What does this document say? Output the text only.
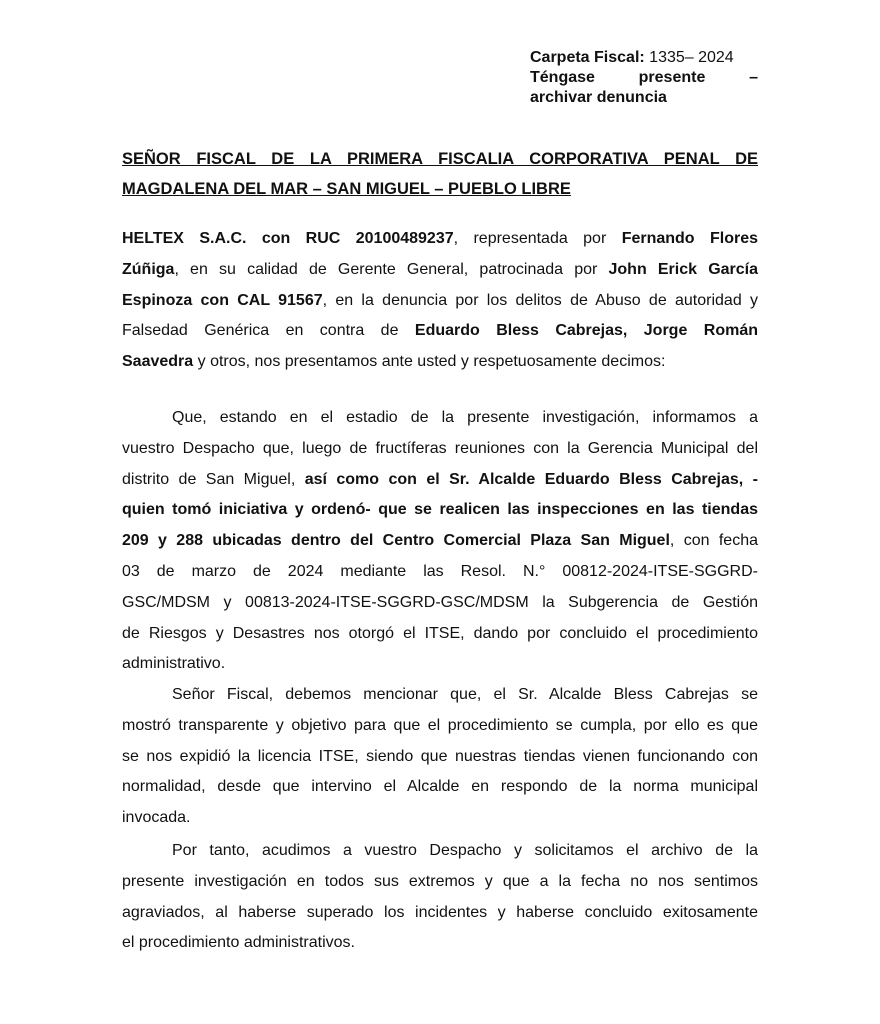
Carpeta Fiscal: 1335– 2024
Téngase	presente	–
archivar denuncia
SEÑOR FISCAL DE LA PRIMERA FISCALIA CORPORATIVA PENAL DE
MAGDALENA DEL MAR – SAN MIGUEL – PUEBLO LIBRE
HELTEX S.A.C. con RUC 20100489237, representada por Fernando Flores
Zúñiga, en su calidad de Gerente General, patrocinada por John Erick García
Espinoza con CAL 91567, en la denuncia por los delitos de Abuso de autoridad y
Falsedad Genérica en contra de Eduardo Bless Cabrejas, Jorge Román
Saavedra y otros, nos presentamos ante usted y respetuosamente decimos:
Que, estando en el estadio de la presente investigación, informamos a
vuestro Despacho que, luego de fructíferas reuniones con la Gerencia Municipal del
distrito de San Miguel, así como con el Sr. Alcalde Eduardo Bless Cabrejas, -
quien tomó iniciativa y ordenó- que se realicen las inspecciones en las tiendas
209 y 288 ubicadas dentro del Centro Comercial Plaza San Miguel, con fecha
03 de marzo de 2024 mediante las Resol. N.° 00812-2024-ITSE-SGGRD-
GSC/MDSM y 00813-2024-ITSE-SGGRD-GSC/MDSM la Subgerencia de Gestión
de Riesgos y Desastres nos otorgó el ITSE, dando por concluido el procedimiento
administrativo.
Señor Fiscal, debemos mencionar que, el Sr. Alcalde Bless Cabrejas se
mostró transparente y objetivo para que el procedimiento se cumpla, por ello es que
se nos expidió la licencia ITSE, siendo que nuestras tiendas vienen funcionando con
normalidad, desde que intervino el Alcalde en respondo de la norma municipal
invocada.
Por tanto, acudimos a vuestro Despacho y solicitamos el archivo de la
presente investigación en todos sus extremos y que a la fecha no nos sentimos
agraviados, al haberse superado los incidentes y haberse concluido exitosamente
el procedimiento administrativos.
